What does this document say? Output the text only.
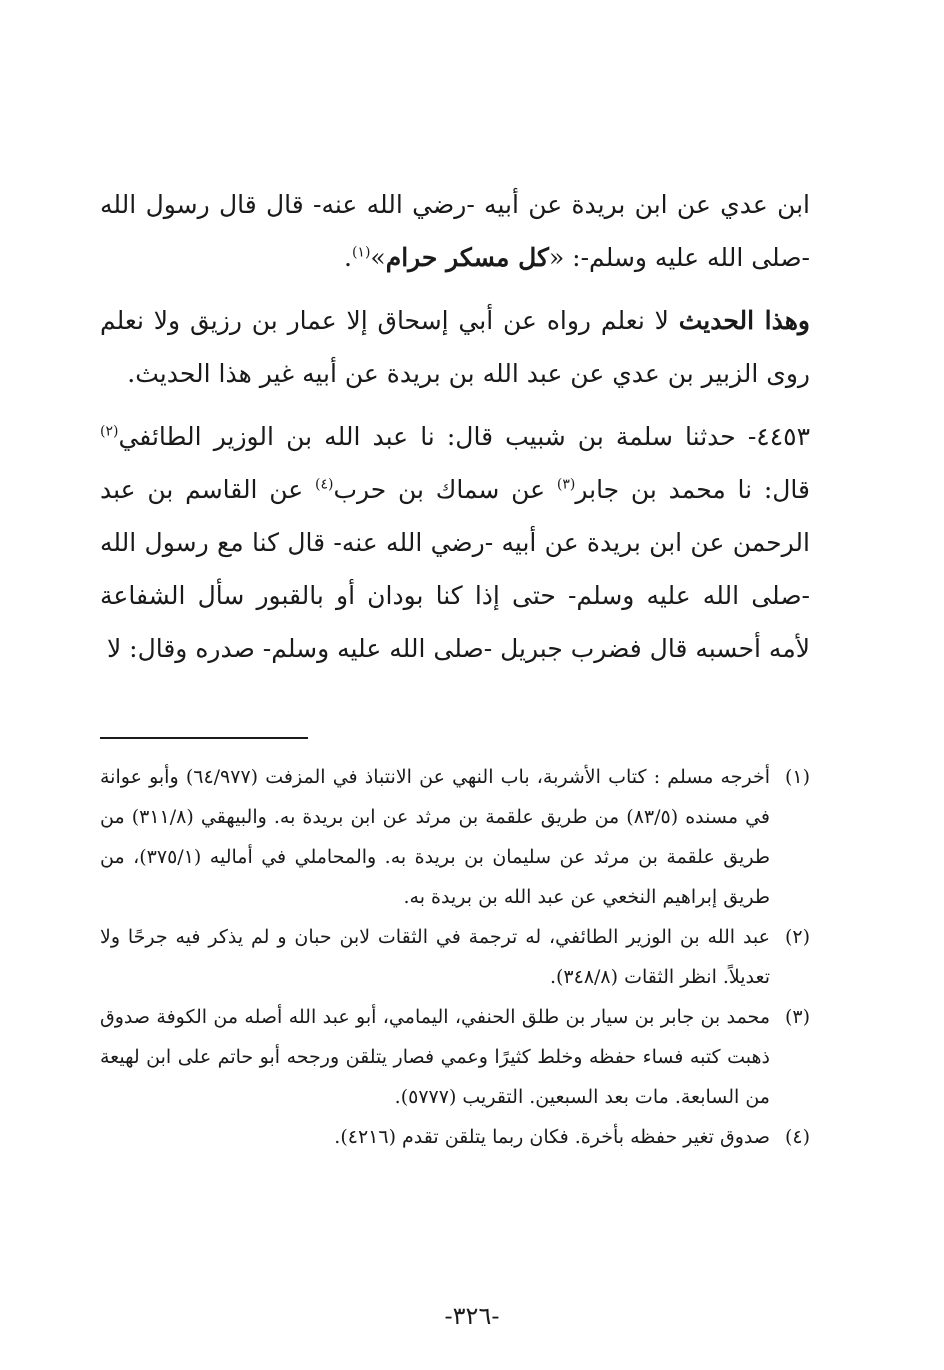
ابن عدي عن ابن بريدة عن أبيه -رضي الله عنه- قال قال رسول الله -صلى الله عليه وسلم-: «كل مسكر حرام»$^{(١)}$.

وهذا الحديث لا نعلم رواه عن أبي إسحاق إلا عمار بن رزيق ولا نعلم روى الزبير بن عدي عن عبد الله بن بريدة عن أبيه غير هذا الحديث.

٤٤٥٣- حدثنا سلمة بن شبيب قال: نا عبد الله بن الوزير الطائفي$^{(٢)}$ قال: نا محمد بن جابر$^{(٣)}$ عن سماك بن حرب$^{(٤)}$ عن القاسم بن عبد الرحمن عن ابن بريدة عن أبيه -رضي الله عنه- قال كنا مع رسول الله -صلى الله عليه وسلم- حتى إذا كنا بودان أو بالقبور سأل الشفاعة لأمه أحسبه قال فضرب جبريل -صلى الله عليه وسلم- صدره وقال: لا

(١)
أخرجه مسلم : كتاب الأشربة، باب النهي عن الانتباذ في المزفت (٦٤/٩٧٧) وأبو عوانة في مسنده (٨٣/٥) من طريق علقمة بن مرثد عن ابن بريدة به. والبيهقي (٣١١/٨) من طريق علقمة بن مرثد عن سليمان بن بريدة به. والمحاملي في أماليه (٣٧٥/١)، من طريق إبراهيم النخعي عن عبد الله بن بريدة به.
(٢)
عبد الله بن الوزير الطائفي، له ترجمة في الثقات لابن حبان و لم يذكر فيه جرحًا ولا تعديلاً. انظر الثقات (٣٤٨/٨).
(٣)
محمد بن جابر بن سيار بن طلق الحنفي، اليمامي، أبو عبد الله أصله من الكوفة صدوق ذهبت كتبه فساء حفظه وخلط كثيرًا وعمي فصار يتلقن ورجحه أبو حاتم على ابن لهيعة من السابعة. مات بعد السبعين. التقريب (٥٧٧٧).
(٤)
صدوق تغير حفظه بأخرة. فكان ربما يتلقن تقدم (٤٢١٦).
-٣٢٦-
